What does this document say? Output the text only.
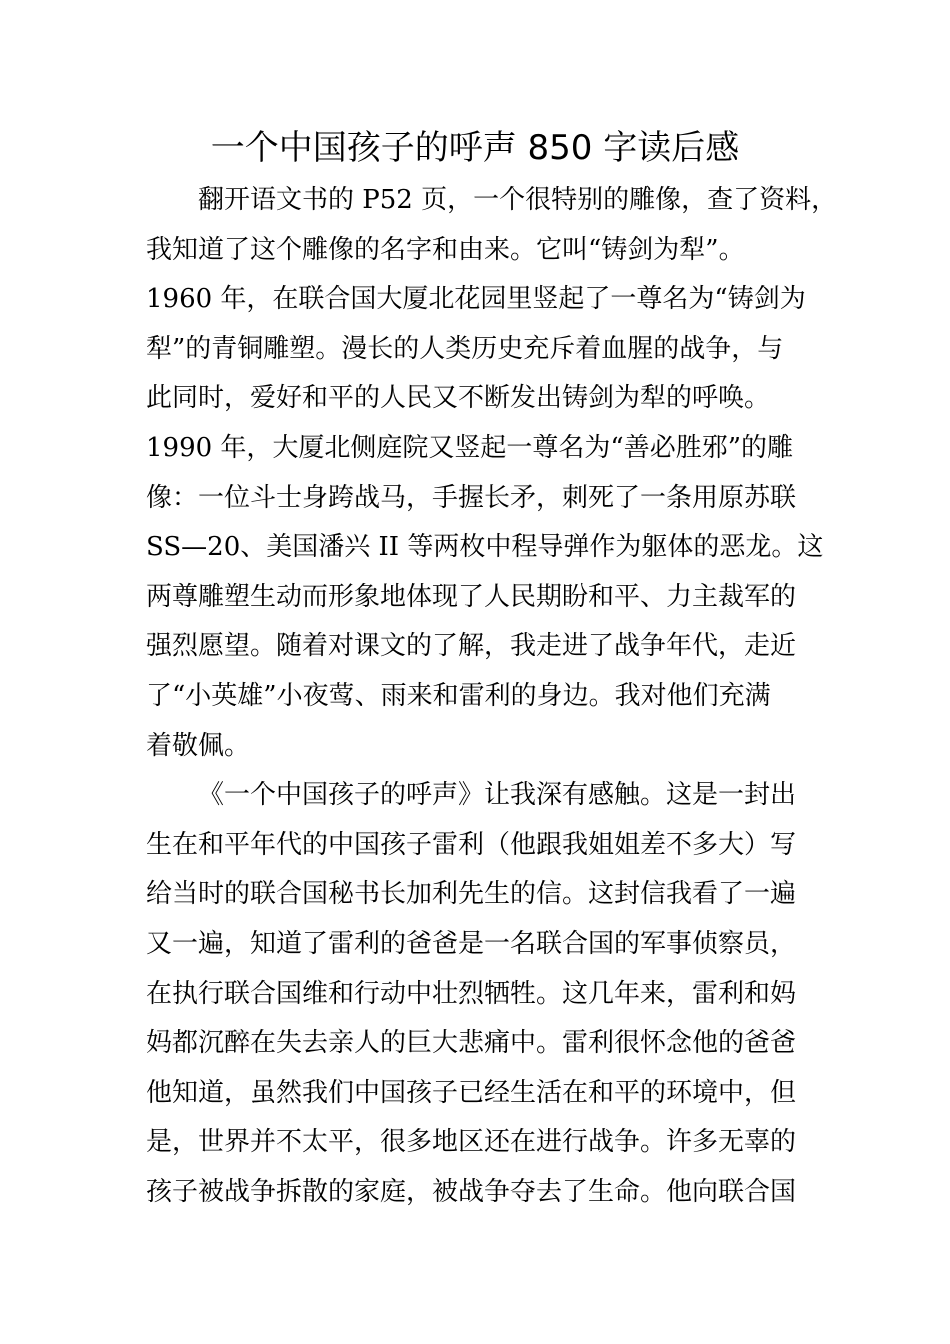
一个中国孩子的呼声 850 字读后感
翻开语文书的 P52 页，一个很特别的雕像，查了资料，
我知道了这个雕像的名字和由来。它叫“铸剑为犁”。
1960 年，在联合国大厦北花园里竖起了一尊名为“铸剑为
犁”的青铜雕塑。漫长的人类历史充斥着血腥的战争，与
此同时，爱好和平的人民又不断发出铸剑为犁的呼唤。
1990 年，大厦北侧庭院又竖起一尊名为“善必胜邪”的雕
像：一位斗士身跨战马，手握长矛，刺死了一条用原苏联
SS—20、美国潘兴 II 等两枚中程导弹作为躯体的恶龙。这
两尊雕塑生动而形象地体现了人民期盼和平、力主裁军的
强烈愿望。随着对课文的了解，我走进了战争年代，走近
了“小英雄”小夜莺、雨来和雷利的身边。我对他们充满
着敬佩。
《一个中国孩子的呼声》让我深有感触。这是一封出
生在和平年代的中国孩子雷利（他跟我姐姐差不多大）写
给当时的联合国秘书长加利先生的信。这封信我看了一遍
又一遍，知道了雷利的爸爸是一名联合国的军事侦察员，
在执行联合国维和行动中壮烈牺牲。这几年来，雷利和妈
妈都沉醉在失去亲人的巨大悲痛中。雷利很怀念他的爸爸
他知道，虽然我们中国孩子已经生活在和平的环境中，但
是，世界并不太平，很多地区还在进行战争。许多无辜的
孩子被战争拆散的家庭，被战争夺去了生命。他向联合国
